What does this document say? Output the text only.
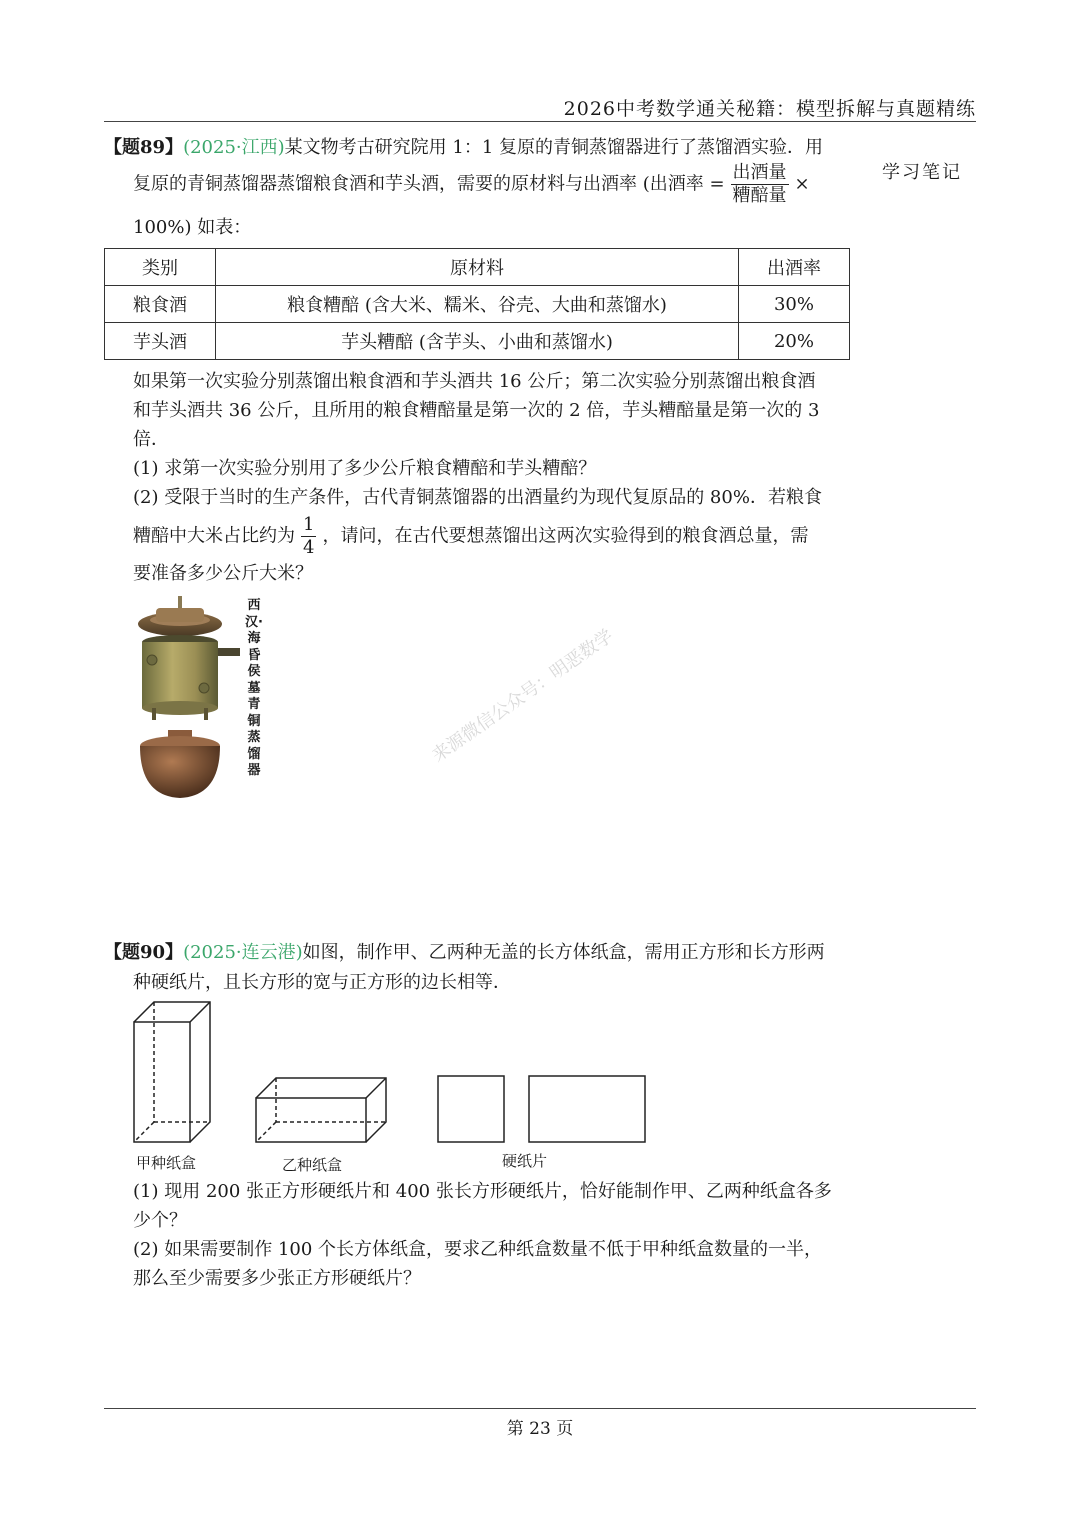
2026中考数学通关秘籍：模型拆解与真题精练
学习笔记
【题89】(2025·江西)某文物考古研究院用 1：1 复原的青铜蒸馏器进行了蒸馏酒实验．用
复原的青铜蒸馏器蒸馏粮食酒和芋头酒，需要的原材料与出酒率 (出酒率 = $\frac{\text{出酒量}}{\text{糟醅量}}$ ×
100%) 如表：
类别	原材料	出酒率
粮食酒	粮食糟醅 (含大米、糯米、谷壳、大曲和蒸馏水)	30%
芋头酒	芋头糟醅 (含芋头、小曲和蒸馏水)	20%
如果第一次实验分别蒸馏出粮食酒和芋头酒共 16 公斤；第二次实验分别蒸馏出粮食酒
和芋头酒共 36 公斤，且所用的粮食糟醅量是第一次的 2 倍，芋头糟醅量是第一次的 3
倍．
(1) 求第一次实验分别用了多少公斤粮食糟醅和芋头糟醅？
(2) 受限于当时的生产条件，古代青铜蒸馏器的出酒量约为现代复原品的 80%．若粮食
糟醅中大米占比约为 $\frac{1}{4}$ ，请问，在古代要想蒸馏出这两次实验得到的粮食酒总量，需
要准备多少公斤大米？
西汉·海昏侯墓青铜蒸馏器
来源微信公众号：明恶数学
【题90】(2025·连云港)如图，制作甲、乙两种无盖的长方体纸盒，需用正方形和长方形两
种硬纸片，且长方形的宽与正方形的边长相等．
甲种纸盒	乙种纸盒	硬纸片
(1) 现用 200 张正方形硬纸片和 400 张长方形硬纸片，恰好能制作甲、乙两种纸盒各多
少个？
(2) 如果需要制作 100 个长方体纸盒，要求乙种纸盒数量不低于甲种纸盒数量的一半，
那么至少需要多少张正方形硬纸片？
第 23 页
